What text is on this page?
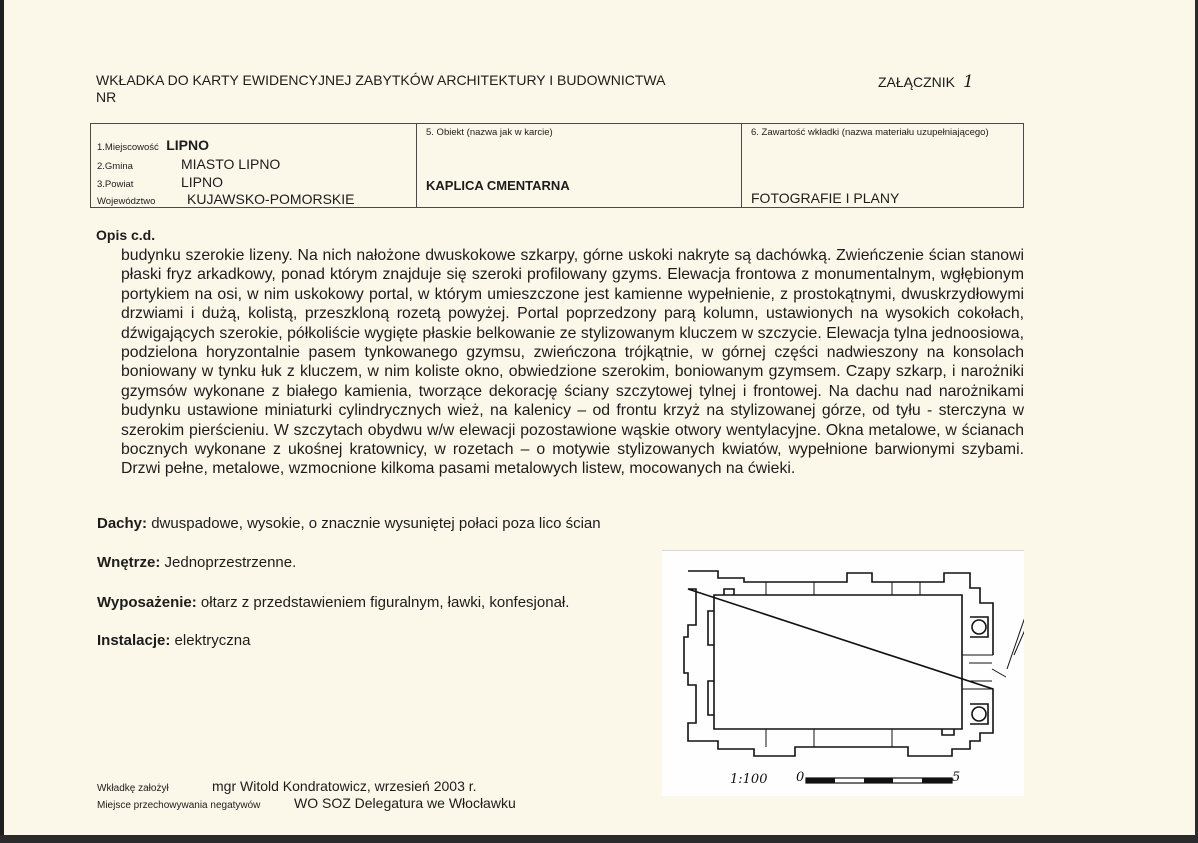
WKŁADKA DO KARTY EWIDENCYJNEJ ZABYTKÓW ARCHITEKTURY I BUDOWNICTWA
NR
ZAŁĄCZNIK 1
1.Miejscowość LIPNO
2.Gmina	MIASTO LIPNO
3.Powiat	LIPNO
Województwo KUJAWSKO-POMORSKIE
5. Obiekt (nazwa jak w karcie)
KAPLICA CMENTARNA
6. Zawartość wkładki (nazwa materiału uzupełniającego)
FOTOGRAFIE I PLANY
Opis c.d.
budynku szerokie lizeny. Na nich nałożone dwuskokowe szkarpy, górne uskoki nakryte są dachówką. Zwieńczenie ścian stanowi płaski fryz arkadkowy, ponad którym znajduje się szeroki profilowany gzyms. Elewacja frontowa z monumentalnym, wgłębionym portykiem na osi, w nim uskokowy portal, w którym umieszczone jest kamienne wypełnienie, z prostokątnymi, dwuskrzydłowymi drzwiami i dużą, kolistą, przeszkloną rozetą powyżej. Portal poprzedzony parą kolumn, ustawionych na wysokich cokołach, dźwigających szerokie, półkoliście wygięte płaskie belkowanie ze stylizowanym kluczem w szczycie. Elewacja tylna jednoosiowa, podzielona horyzontalnie pasem tynkowanego gzymsu, zwieńczona trójkątnie, w górnej części nadwieszony na konsolach boniowany w tynku łuk z kluczem, w nim koliste okno, obwiedzione szerokim, boniowanym gzymsem. Czapy szkarp, i narożniki gzymsów wykonane z białego kamienia, tworzące dekorację ściany szczytowej tylnej i frontowej. Na dachu nad narożnikami budynku ustawione miniaturki cylindrycznych wież, na kalenicy – od frontu krzyż na stylizowanej górze, od tyłu - sterczyna w szerokim pierścieniu. W szczytach obydwu w/w elewacji pozostawione wąskie otwory wentylacyjne. Okna metalowe, w ścianach bocznych wykonane z ukośnej kratownicy, w rozetach – o motywie stylizowanych kwiatów, wypełnione barwionymi szybami. Drzwi pełne, metalowe, wzmocnione kilkoma pasami metalowych listew, mocowanych na ćwieki.
Dachy: dwuspadowe, wysokie, o znacznie wysuniętej połaci poza lico ścian
Wnętrze: Jednoprzestrzenne.
Wyposażenie: ołtarz z przedstawieniem figuralnym, ławki, konfesjonał.
Instalacje: elektryczna
1:100 0	5
Wkładkę założył	mgr Witold Kondratowicz, wrzesień 2003 r.
Miejsce przechowywania negatywów WO SOZ Delegatura we Włocławku
